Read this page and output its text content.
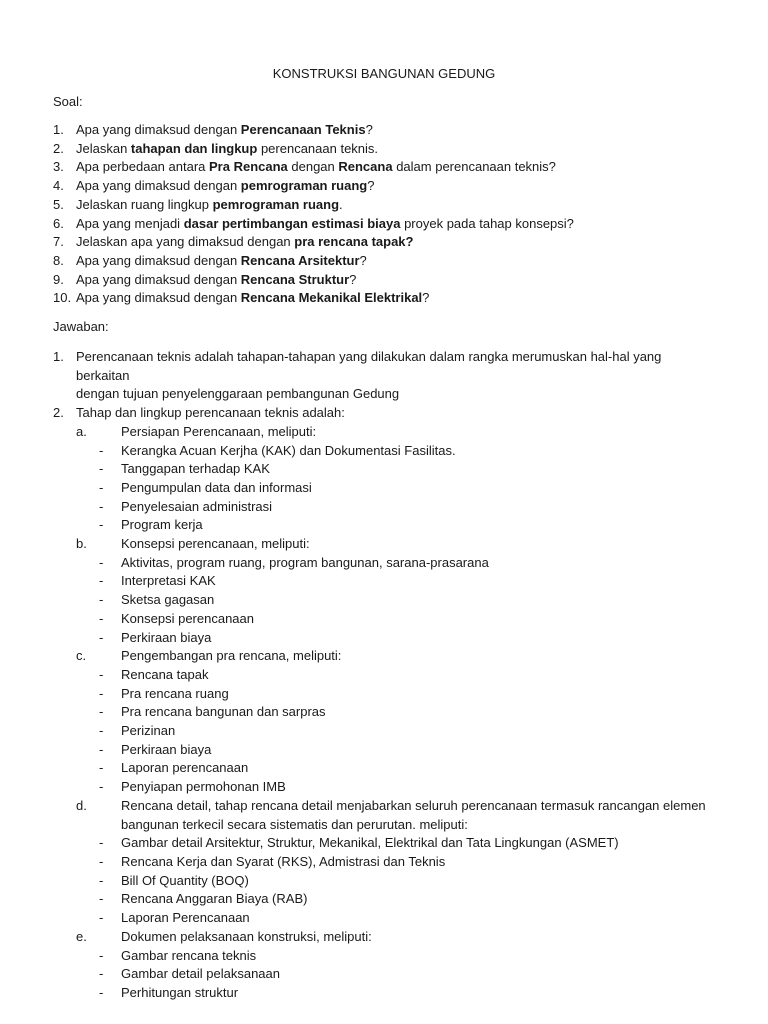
KONSTRUKSI BANGUNAN GEDUNG
Soal:
1. Apa yang dimaksud dengan Perencanaan Teknis?
2. Jelaskan tahapan dan lingkup perencanaan teknis.
3. Apa perbedaan antara Pra Rencana dengan Rencana dalam perencanaan teknis?
4. Apa yang dimaksud dengan pemrograman ruang?
5. Jelaskan ruang lingkup pemrograman ruang.
6. Apa yang menjadi dasar pertimbangan estimasi biaya proyek pada tahap konsepsi?
7. Jelaskan apa yang dimaksud dengan pra rencana tapak?
8. Apa yang dimaksud dengan Rencana Arsitektur?
9. Apa yang dimaksud dengan Rencana Struktur?
10. Apa yang dimaksud dengan Rencana Mekanikal Elektrikal?
Jawaban:
1. Perencanaan teknis adalah tahapan-tahapan yang dilakukan dalam rangka merumuskan hal-hal yang berkaitan
dengan tujuan penyelenggaraan pembangunan Gedung
2. Tahap dan lingkup perencanaan teknis adalah:
a.	Persiapan Perencanaan, meliputi:
- Kerangka Acuan Kerjha (KAK) dan Dokumentasi Fasilitas.
- Tanggapan terhadap KAK
- Pengumpulan data dan informasi
- Penyelesaian administrasi
- Program kerja
b.	Konsepsi perencanaan, meliputi:
- Aktivitas, program ruang, program bangunan, sarana-prasarana
- Interpretasi KAK
- Sketsa gagasan
- Konsepsi perencanaan
- Perkiraan biaya
c.	Pengembangan pra rencana, meliputi:
- Rencana tapak
- Pra rencana ruang
- Pra rencana bangunan dan sarpras
- Perizinan
- Perkiraan biaya
- Laporan perencanaan
- Penyiapan permohonan IMB
d.	Rencana detail, tahap rencana detail menjabarkan seluruh perencanaan termasuk rancangan elemen
bangunan terkecil secara sistematis dan perurutan. meliputi:
- Gambar detail Arsitektur, Struktur, Mekanikal, Elektrikal dan Tata Lingkungan (ASMET)
- Rencana Kerja dan Syarat (RKS), Admistrasi dan Teknis
- Bill Of Quantity (BOQ)
- Rencana Anggaran Biaya (RAB)
- Laporan Perencanaan
e.	Dokumen pelaksanaan konstruksi, meliputi:
- Gambar rencana teknis
- Gambar detail pelaksanaan
- Perhitungan struktur
